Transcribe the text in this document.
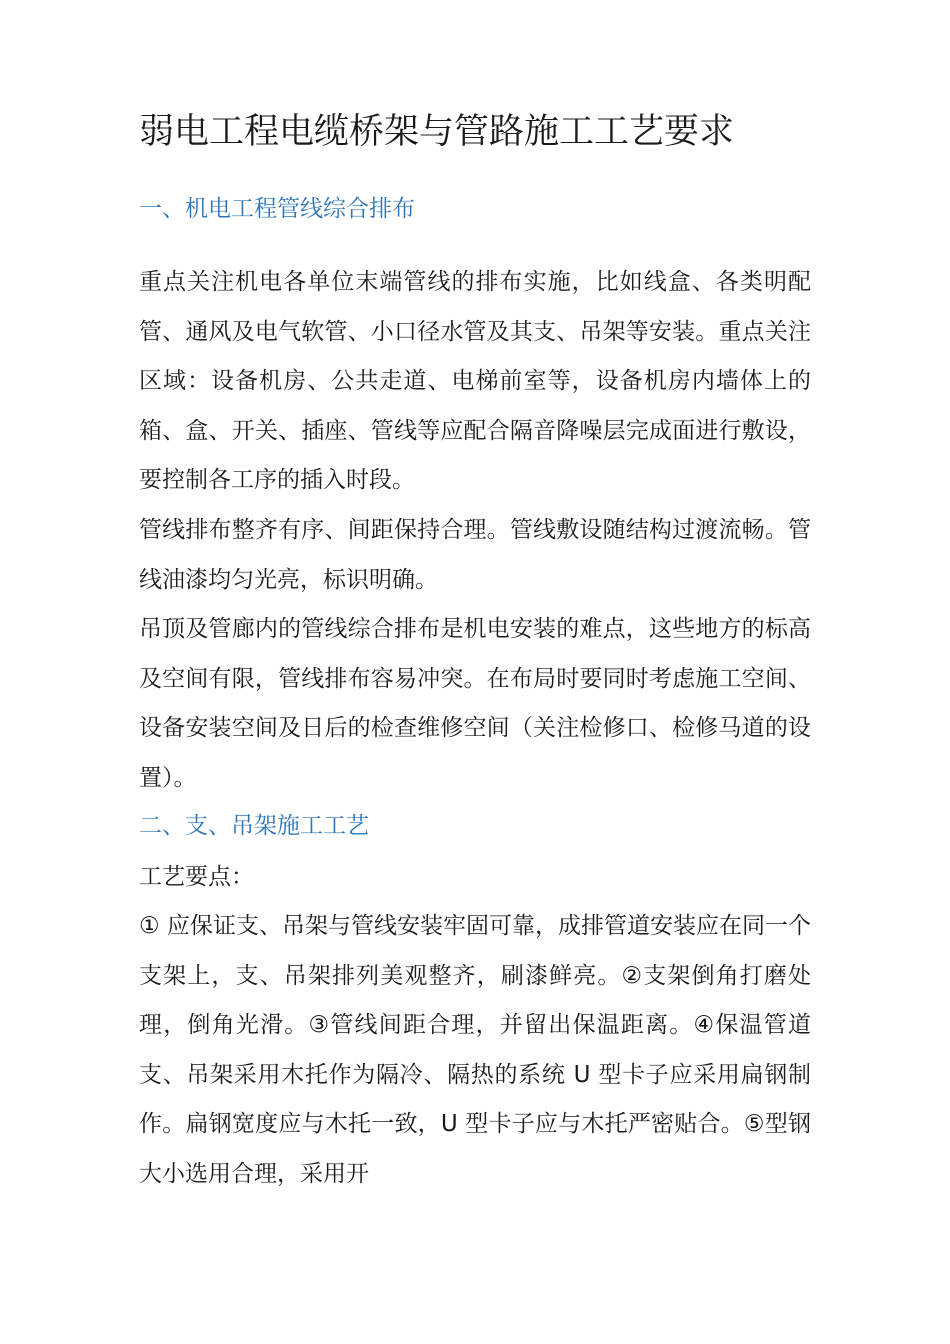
弱电工程电缆桥架与管路施工工艺要求
一、机电工程管线综合排布

重点关注机电各单位末端管线的排布实施，比如线盒、各类明配管、通风及电气软管、小口径水管及其支、吊架等安装。重点关注区域：设备机房、公共走道、电梯前室等，设备机房内墙体上的箱、盒、开关、插座、管线等应配合隔音降噪层完成面进行敷设，要控制各工序的插入时段。

管线排布整齐有序、间距保持合理。管线敷设随结构过渡流畅。管线油漆均匀光亮，标识明确。

吊顶及管廊内的管线综合排布是机电安装的难点，这些地方的标高及空间有限，管线排布容易冲突。在布局时要同时考虑施工空间、设备安装空间及日后的检查维修空间（关注检修口、检修马道的设置）。

二、支、吊架施工工艺

工艺要点：

① 应保证支、吊架与管线安装牢固可靠，成排管道安装应在同一个支架上，支、吊架排列美观整齐，刷漆鲜亮。②支架倒角打磨处理，倒角光滑。③管线间距合理，并留出保温距离。④保温管道支、吊架采用木托作为隔冷、隔热的系统 U 型卡子应采用扁钢制作。扁钢宽度应与木托一致，U 型卡子应与木托严密贴合。⑤型钢大小选用合理，采用开
